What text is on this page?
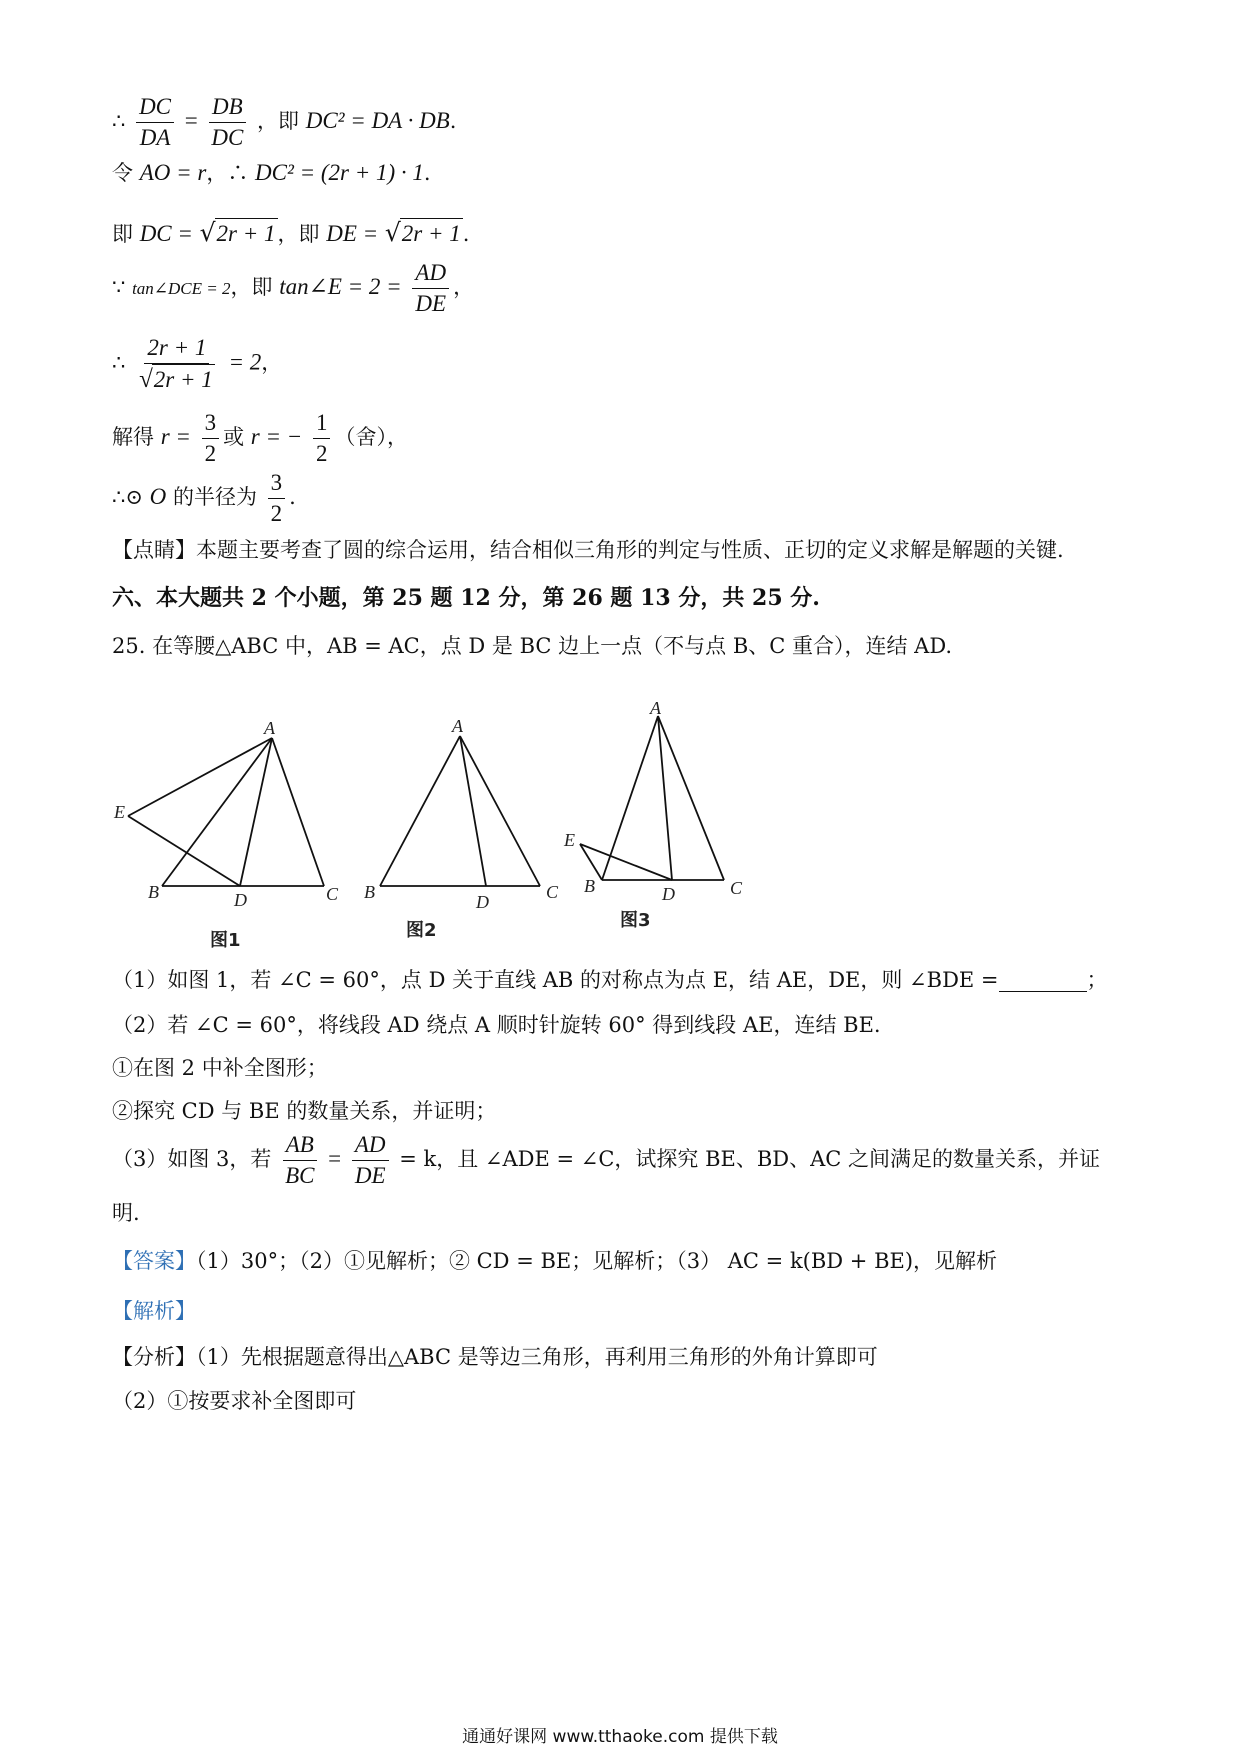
∴ $\frac{DC}{DA} = \frac{DB}{DC}$ ，即 DC² = DA · DB.
令 AO = r，∴ DC² = (2r + 1) · 1.
即 DC = √2r + 1，即 DE = √2r + 1.
∵ tan∠DCE = 2，即 tan∠E = $2 = \frac{AD}{DE}$ ，
∴ $\frac{2r + 1}{√2r + 1} = 2$，
解得 $r = \frac{3}{2}$ 或 r = − $\frac{1}{2}$ （舍），
∴⊙ O 的半径为 $\frac{3}{2}$ .
【点睛】本题主要考查了圆的综合运用，结合相似三角形的判定与性质、正切的定义求解是解题的关键.
六、本大题共 2 个小题，第 25 题 12 分，第 26 题 13 分，共 25 分.
25. 在等腰△ABC 中，AB = AC，点 D 是 BC 边上一点（不与点 B、C 重合），连结 AD.
A
B	C
D
E
图1
A
B	C
D
图2
A
B	C
D
E
图3
（1）如图 1，若 ∠C = 60°，点 D 关于直线 AB 的对称点为点 E，结 AE，DE，则 ∠BDE =	；
（2）若 ∠C = 60°，将线段 AD 绕点 A 顺时针旋转 60° 得到线段 AE，连结 BE.
①在图 2 中补全图形；
②探究 CD 与 BE 的数量关系，并证明；
（3）如图 3，若 $\frac{AB}{BC} = \frac{AD}{DE} = k$，且 ∠ADE = ∠C，试探究 BE、BD、AC 之间满足的数量关系，并证
明.
【答案】（1）30°；（2）①见解析；② CD = BE；见解析；（3） AC = k(BD + BE)，见解析
【解析】
【分析】（1）先根据题意得出△ABC 是等边三角形，再利用三角形的外角计算即可
（2）①按要求补全图即可
通通好课网 www.tthaoke.com 提供下载
